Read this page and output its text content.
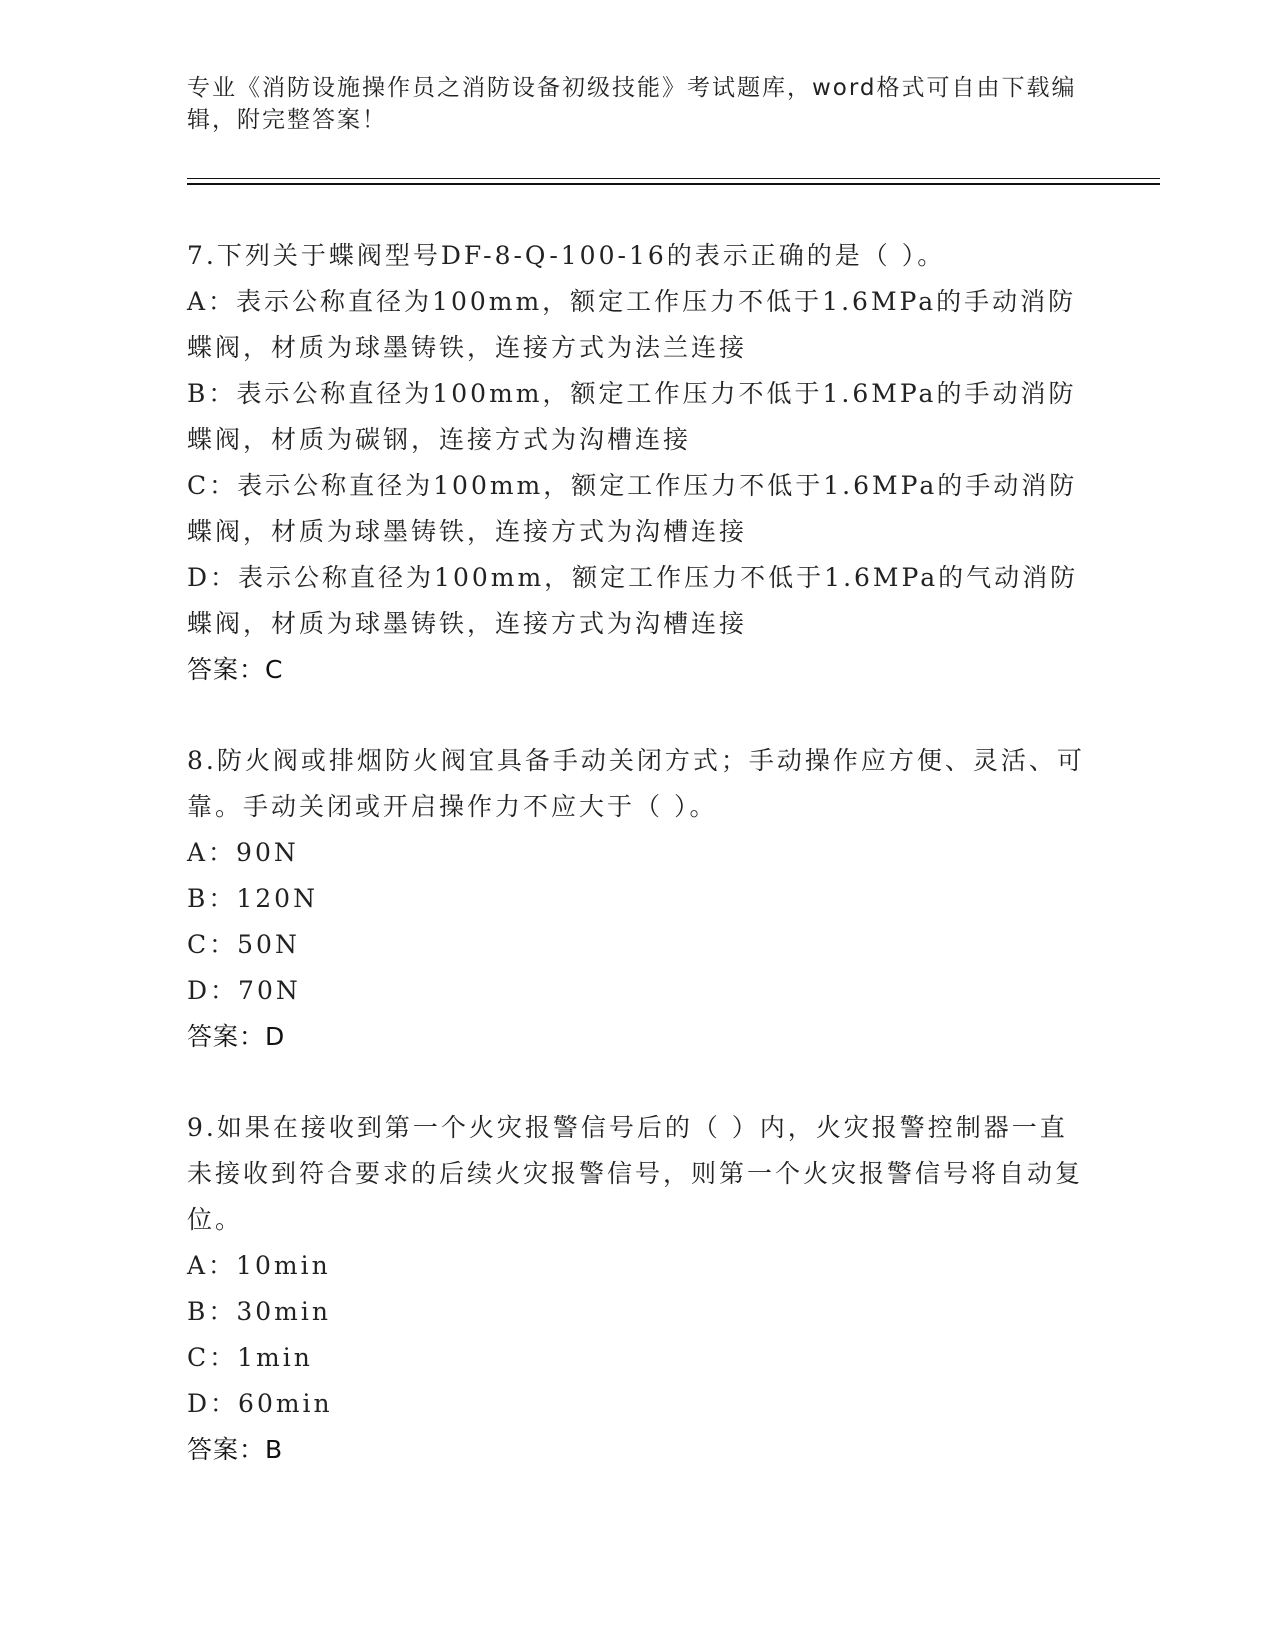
专业《消防设施操作员之消防设备初级技能》考试题库，word格式可自由下载编辑，附完整答案！

7.下列关于蝶阀型号DF-8-Q-100-16的表示正确的是（ ）。

A：表示公称直径为100mm，额定工作压力不低于1.6MPa的手动消防蝶阀，材质为球墨铸铁，连接方式为法兰连接

B：表示公称直径为100mm，额定工作压力不低于1.6MPa的手动消防蝶阀，材质为碳钢，连接方式为沟槽连接

C：表示公称直径为100mm，额定工作压力不低于1.6MPa的手动消防蝶阀，材质为球墨铸铁，连接方式为沟槽连接

D：表示公称直径为100mm，额定工作压力不低于1.6MPa的气动消防蝶阀，材质为球墨铸铁，连接方式为沟槽连接

答案：C

8.防火阀或排烟防火阀宜具备手动关闭方式；手动操作应方便、灵活、可靠。手动关闭或开启操作力不应大于（ ）。

A：90N

B：120N

C：50N

D：70N

答案：D

9.如果在接收到第一个火灾报警信号后的（ ）内，火灾报警控制器一直未接收到符合要求的后续火灾报警信号，则第一个火灾报警信号将自动复位。

A：10min

B：30min

C：1min

D：60min

答案：B
